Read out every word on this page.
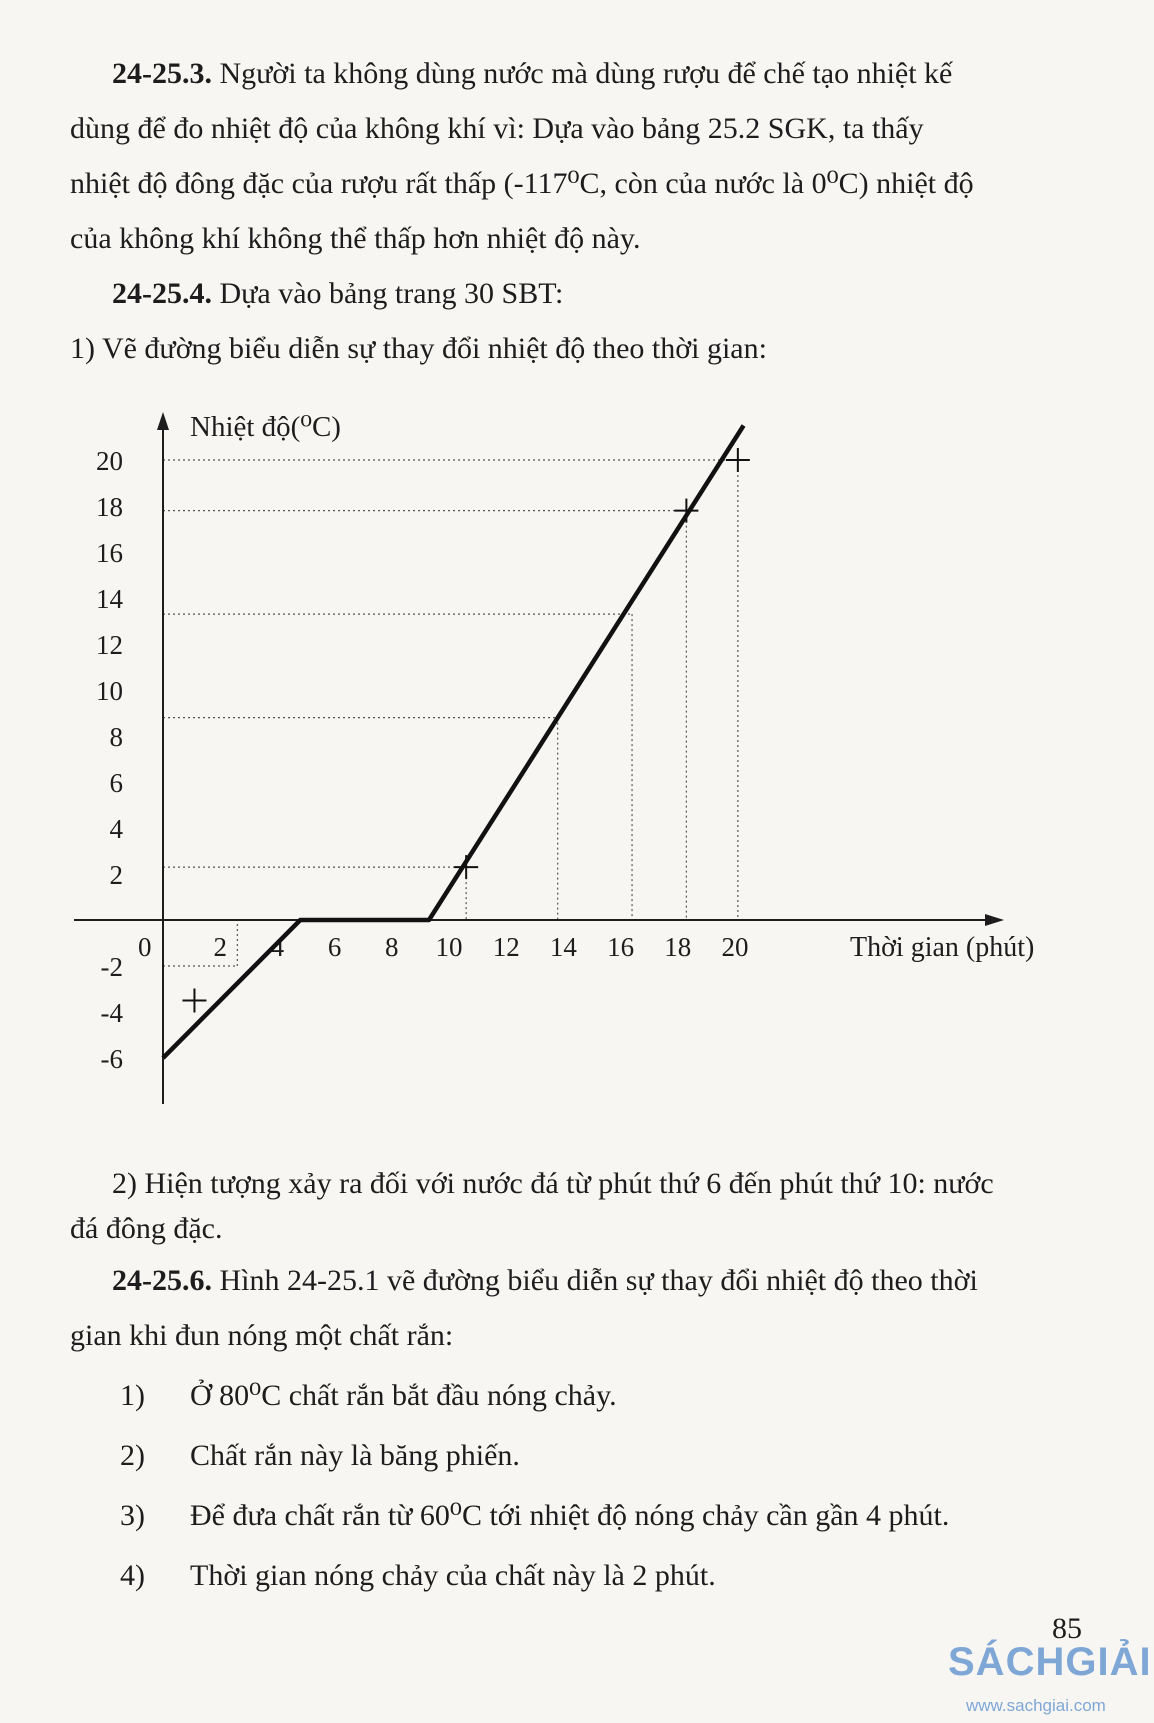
24-25.3. Người ta không dùng nước mà dùng rượu để chế tạo nhiệt kế
dùng để đo nhiệt độ của không khí vì: Dựa vào bảng 25.2 SGK, ta thấy
nhiệt độ đông đặc của rượu rất thấp (-117⁰C, còn của nước là 0⁰C) nhiệt độ
của không khí không thể thấp hơn nhiệt độ này.
24-25.4. Dựa vào bảng trang 30 SBT:
1) Vẽ đường biểu diễn sự thay đổi nhiệt độ theo thời gian:
0 2 4 6 8 10 12 14 16 18 20
20
18
16
14
12
10
8
6
4
2
-2
-4
-6
Nhiệt độ(⁰C)
Thời gian (phút)
2) Hiện tượng xảy ra đối với nước đá từ phút thứ 6 đến phút thứ 10: nước
đá đông đặc.
24-25.6. Hình 24-25.1 vẽ đường biểu diễn sự thay đổi nhiệt độ theo thời
gian khi đun nóng một chất rắn:
1) Ở 80⁰C chất rắn bắt đầu nóng chảy.
2) Chất rắn này là băng phiến.
3) Để đưa chất rắn từ 60⁰C tới nhiệt độ nóng chảy cần gần 4 phút.
4) Thời gian nóng chảy của chất này là 2 phút.
85
SÁCHGIẢI
www.sachgiai.com
